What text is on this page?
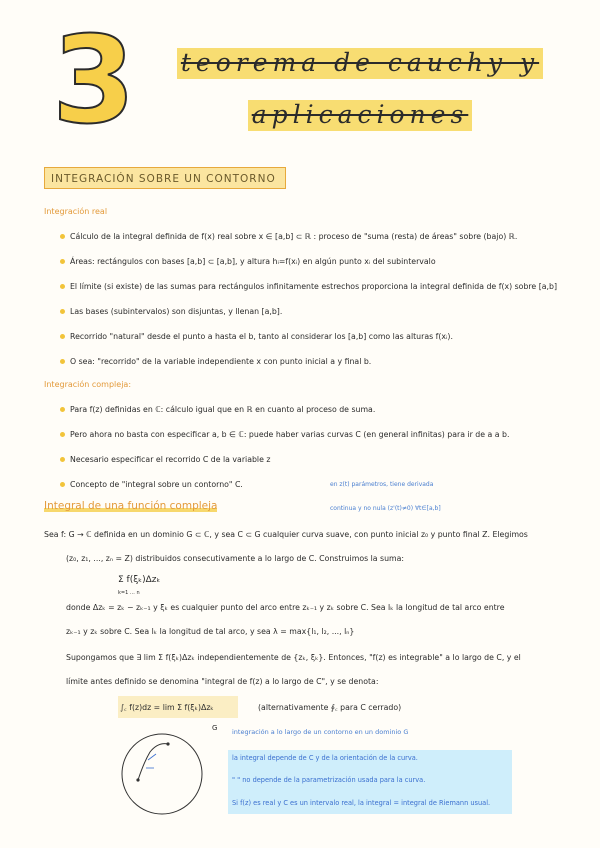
3	teorema de cauchy y
aplicaciones
INTEGRACIÓN SOBRE UN CONTORNO
Integración real
Cálculo de la integral definida de f(x) real sobre x ∈ [a,b] ⊂ ℝ : proceso de "suma (resta) de áreas" sobre (bajo) ℝ.
Áreas: rectángulos con bases [a,b] ⊂ [a,b], y altura hᵢ=f(xᵢ) en algún punto xᵢ del subintervalo
El límite (si existe) de las sumas para rectángulos infinitamente estrechos proporciona la integral definida de f(x) sobre [a,b]
Las bases (subintervalos) son disjuntas, y llenan [a,b].
Recorrido "natural" desde el punto a hasta el b, tanto al considerar los [a,b] como las alturas f(xᵢ).
O sea: "recorrido" de la variable independiente x con punto inicial a y final b.
Integración compleja:
Para f(z) definidas en ℂ: cálculo igual que en ℝ en cuanto al proceso de suma.
Pero ahora no basta con especificar a, b ∈ ℂ: puede haber varias curvas C (en general infinitas) para ir de a a b.
Necesario especificar el recorrido C de la variable z
Concepto de "integral sobre un contorno" C.	en z(t) parámetros, tiene derivada
continua y no nula (z'(t)≠0) ∀t∈[a,b]
Integral de una función compleja
Sea f: G → ℂ definida en un dominio G ⊂ ℂ, y sea C ⊂ G cualquier curva suave, con punto inicial z₀ y punto final Z. Elegimos
(z₀, z₁, ..., zₙ = Z) distribuidos consecutivamente a lo largo de C. Construimos la suma:
Σ f(ξₖ)Δzₖ
k=1 … n
donde Δzₖ = zₖ − zₖ₋₁ y ξₖ es cualquier punto del arco entre zₖ₋₁ y zₖ sobre C. Sea lₖ la longitud de tal arco entre
zₖ₋₁ y zₖ sobre C. Sea lₖ la longitud de tal arco, y sea λ = max{l₁, l₂, ..., lₙ}
Supongamos que ∃ lim Σ f(ξₖ)Δzₖ independientemente de {zₖ, ξₖ}. Entonces, "f(z) es integrable" a lo largo de C, y el
límite antes definido se denomina "integral de f(z) a lo largo de C", y se denota:
∫꜀ f(z)dz = lim Σ f(ξₖ)Δzₖ	(alternativamente ∮꜀ para C cerrado)
G integración a lo largo de un contorno en un dominio G
la integral depende de C y de la orientación de la curva.
" " no depende de la parametrización usada para la curva.
Si f(z) es real y C es un intervalo real, la integral = integral de Riemann usual.
